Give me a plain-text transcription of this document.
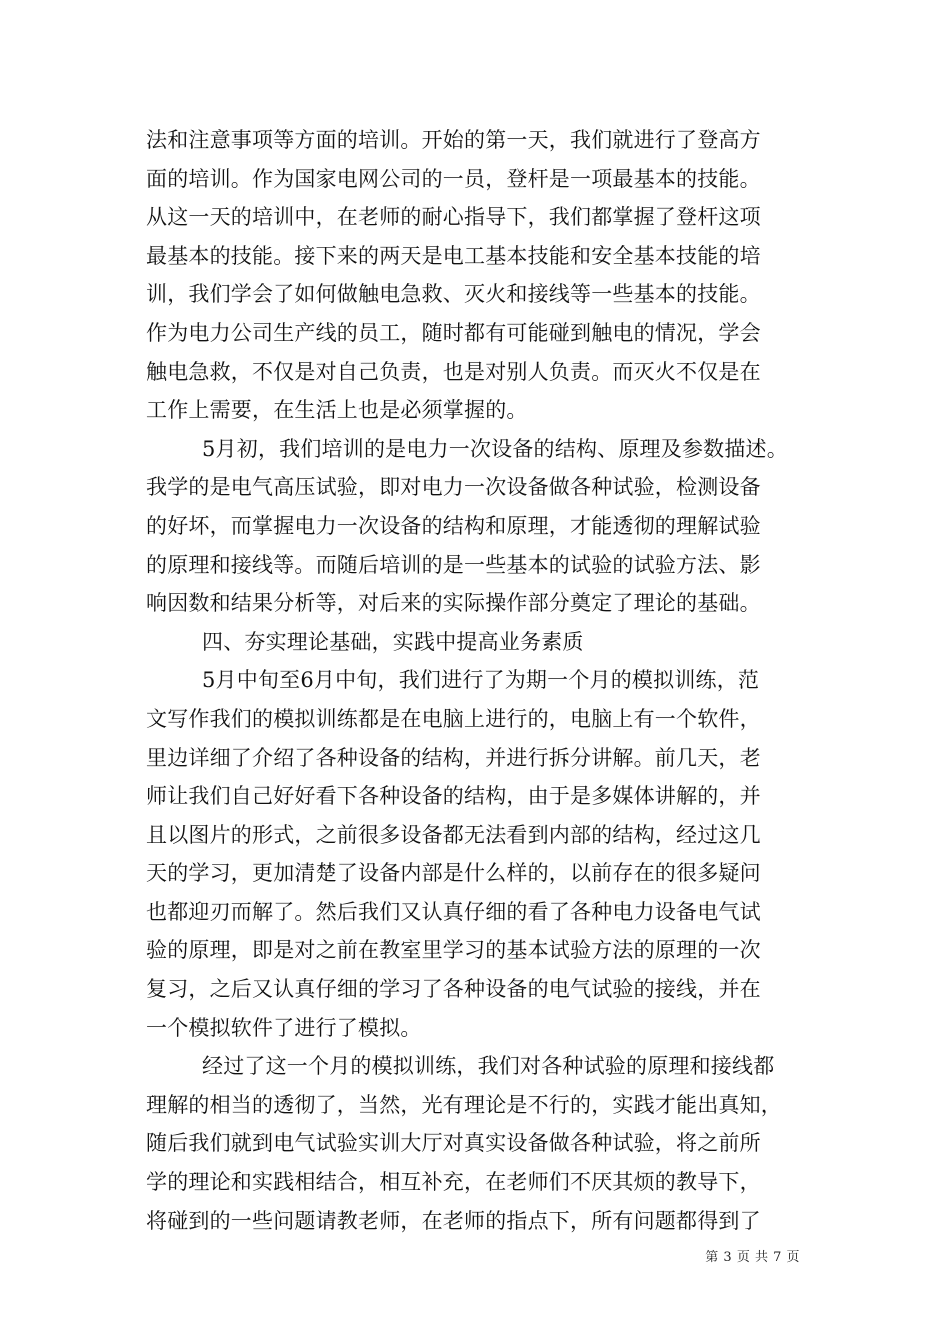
法和注意事项等方面的培训。开始的第一天，我们就进行了登高方
面的培训。作为国家电网公司的一员，登杆是一项最基本的技能。
从这一天的培训中，在老师的耐心指导下，我们都掌握了登杆这项
最基本的技能。接下来的两天是电工基本技能和安全基本技能的培
训，我们学会了如何做触电急救、灭火和接线等一些基本的技能。
作为电力公司生产线的员工，随时都有可能碰到触电的情况，学会
触电急救，不仅是对自己负责，也是对别人负责。而灭火不仅是在
工作上需要，在生活上也是必须掌握的。
5月初，我们培训的是电力一次设备的结构、原理及参数描述。
我学的是电气高压试验，即对电力一次设备做各种试验，检测设备
的好坏，而掌握电力一次设备的结构和原理，才能透彻的理解试验
的原理和接线等。而随后培训的是一些基本的试验的试验方法、影
响因数和结果分析等，对后来的实际操作部分奠定了理论的基础。
四、夯实理论基础，实践中提高业务素质
5月中旬至6月中旬，我们进行了为期一个月的模拟训练，范
文写作我们的模拟训练都是在电脑上进行的，电脑上有一个软件，
里边详细了介绍了各种设备的结构，并进行拆分讲解。前几天，老
师让我们自己好好看下各种设备的结构，由于是多媒体讲解的，并
且以图片的形式，之前很多设备都无法看到内部的结构，经过这几
天的学习，更加清楚了设备内部是什么样的，以前存在的很多疑问
也都迎刃而解了。然后我们又认真仔细的看了各种电力设备电气试
验的原理，即是对之前在教室里学习的基本试验方法的原理的一次
复习，之后又认真仔细的学习了各种设备的电气试验的接线，并在
一个模拟软件了进行了模拟。
经过了这一个月的模拟训练，我们对各种试验的原理和接线都
理解的相当的透彻了，当然，光有理论是不行的，实践才能出真知，
随后我们就到电气试验实训大厅对真实设备做各种试验，将之前所
学的理论和实践相结合，相互补充，在老师们不厌其烦的教导下，
将碰到的一些问题请教老师，在老师的指点下，所有问题都得到了
第 3 页 共 7 页
